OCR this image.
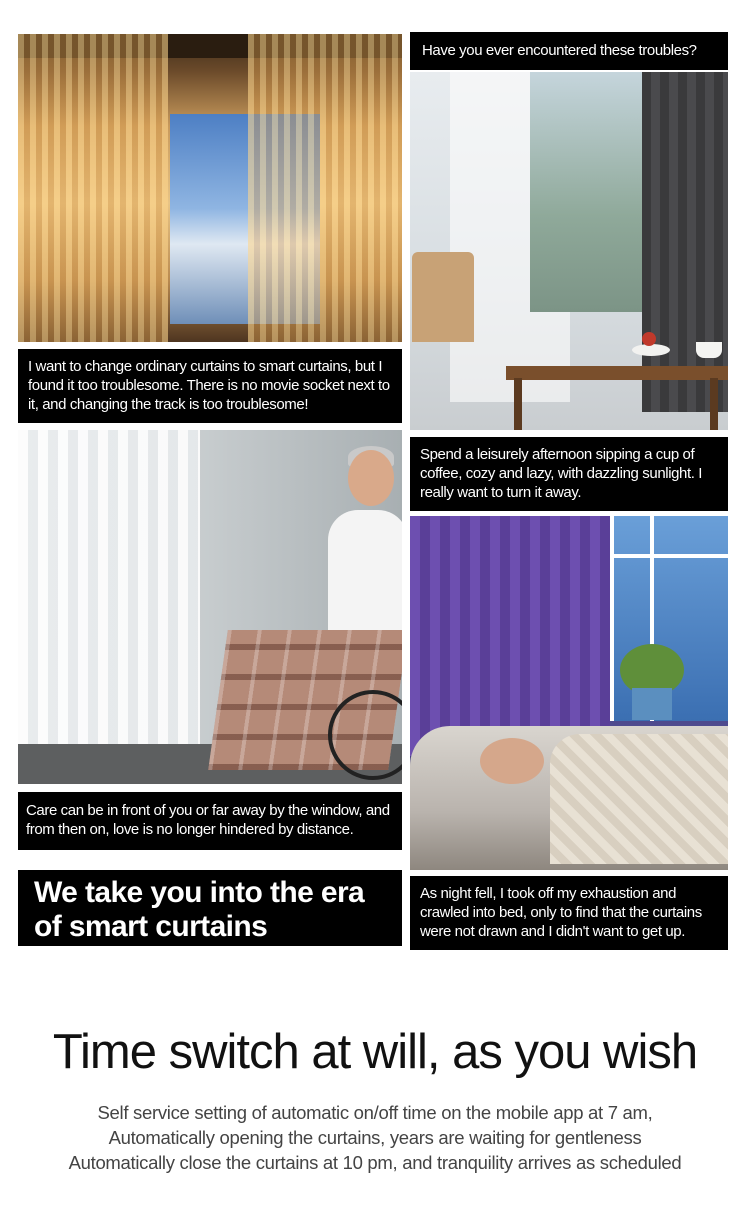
Have you ever encountered these troubles?
I want to change ordinary curtains to smart curtains, but I found it too troublesome. There is no movie socket next to it, and changing the track is too troublesome!
Spend a leisurely afternoon sipping a cup of coffee, cozy and lazy, with dazzling sunlight. I really want to turn it away.
Care can be in front of you or far away by the window, and from then on, love is no longer hindered by distance.
We take you into the era of smart curtains
As night fell, I took off my exhaustion and crawled into bed, only to find that the curtains were not drawn and I didn't want to get up.
Time switch at will, as you wish
Self service setting of automatic on/off time on the mobile app at 7 am,
Automatically opening the curtains, years are waiting for gentleness
Automatically close the curtains at 10 pm, and tranquility arrives as scheduled
